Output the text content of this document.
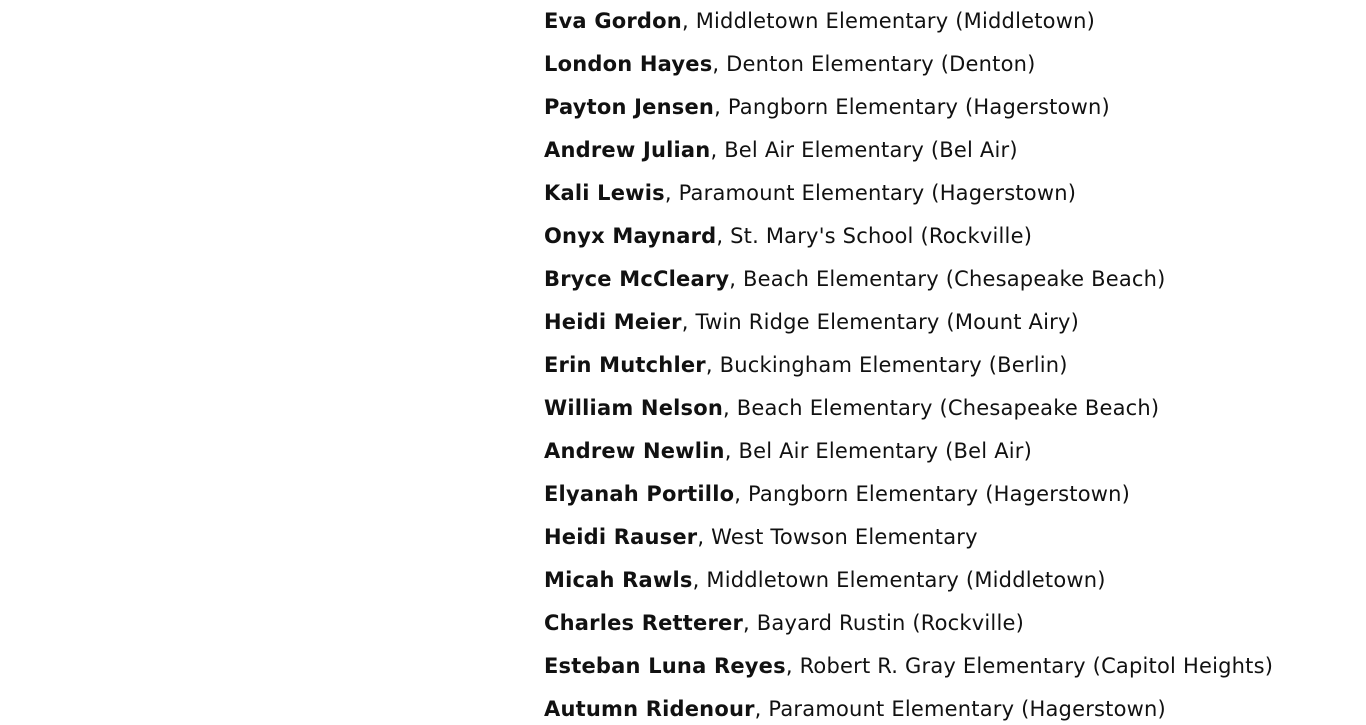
Eva Gordon, Middletown Elementary (Middletown)
London Hayes, Denton Elementary (Denton)
Payton Jensen, Pangborn Elementary (Hagerstown)
Andrew Julian, Bel Air Elementary (Bel Air)
Kali Lewis, Paramount Elementary (Hagerstown)
Onyx Maynard, St. Mary's School (Rockville)
Bryce McCleary, Beach Elementary (Chesapeake Beach)
Heidi Meier, Twin Ridge Elementary (Mount Airy)
Erin Mutchler, Buckingham Elementary (Berlin)
William Nelson, Beach Elementary (Chesapeake Beach)
Andrew Newlin, Bel Air Elementary (Bel Air)
Elyanah Portillo, Pangborn Elementary (Hagerstown)
Heidi Rauser, West Towson Elementary
Micah Rawls, Middletown Elementary (Middletown)
Charles Retterer, Bayard Rustin (Rockville)
Esteban Luna Reyes, Robert R. Gray Elementary (Capitol Heights)
Autumn Ridenour, Paramount Elementary (Hagerstown)
